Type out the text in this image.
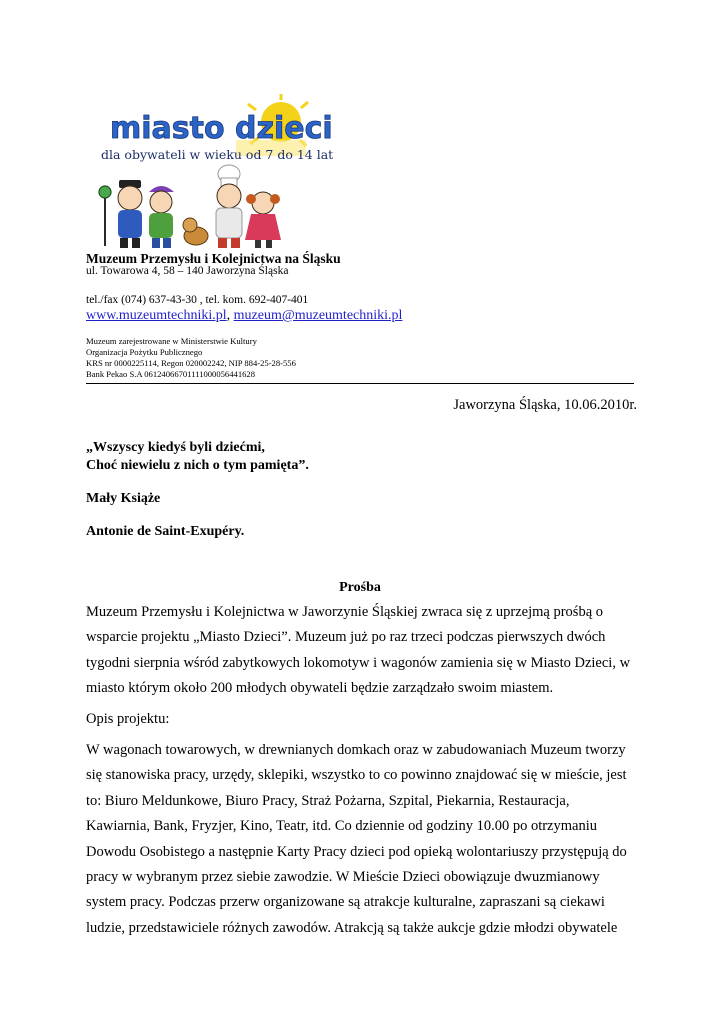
miasto dzieci
dla obywateli w wieku od 7 do 14 lat
Muzeum Przemysłu i Kolejnictwa na Śląsku
ul. Towarowa 4, 58 – 140 Jaworzyna Śląska
tel./fax (074) 637-43-30 , tel. kom. 692-407-401
www.muzeumtechniki.pl, muzeum@muzeumtechniki.pl
Muzeum zarejestrowane w Ministerstwie Kultury
Organizacja Pożytku Publicznego
KRS nr 0000225114, Regon 020002242, NIP 884-25-28-556
Bank Pekao S.A 06124066701111000056441628
Jaworzyna Śląska, 10.06.2010r.
„Wszyscy kiedyś byli dziećmi,
Choć niewielu z nich o tym pamięta”.
Mały Książe
Antonie de Saint-Exupéry.
Prośba
Muzeum Przemysłu i Kolejnictwa w Jaworzynie Śląskiej zwraca się z uprzejmą prośbą o
wsparcie projektu „Miasto Dzieci”. Muzeum już po raz trzeci podczas pierwszych dwóch
tygodni sierpnia wśród zabytkowych lokomotyw i wagonów zamienia się w Miasto Dzieci, w
miasto którym około 200 młodych obywateli będzie zarządzało swoim miastem.
Opis projektu:
W wagonach towarowych, w drewnianych domkach oraz w zabudowaniach Muzeum tworzy
się stanowiska pracy, urzędy, sklepiki, wszystko to co powinno znajdować się w mieście, jest
to: Biuro Meldunkowe, Biuro Pracy, Straż Pożarna, Szpital, Piekarnia, Restauracja,
Kawiarnia, Bank, Fryzjer, Kino, Teatr, itd. Co dziennie od godziny 10.00 po otrzymaniu
Dowodu Osobistego a następnie Karty Pracy dzieci pod opieką wolontariuszy przystępują do
pracy w wybranym przez siebie zawodzie. W Mieście Dzieci obowiązuje dwuzmianowy
system pracy. Podczas przerw organizowane są atrakcje kulturalne, zapraszani są ciekawi
ludzie, przedstawiciele różnych zawodów. Atrakcją są także aukcje gdzie młodzi obywatele
